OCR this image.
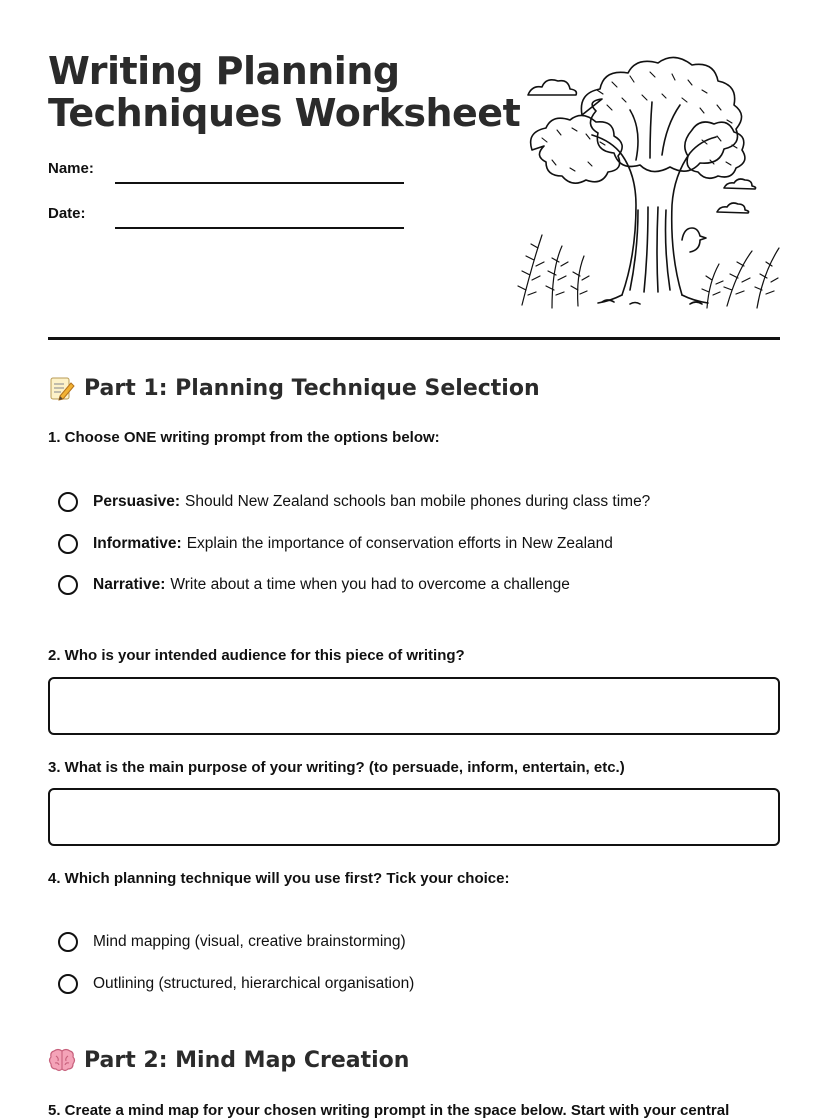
Writing Planning
Techniques Worksheet
Name:
Date:
Part 1: Planning Technique Selection

1. Choose ONE writing prompt from the options below:

Persuasive: Should New Zealand schools ban mobile phones during class time?
Informative: Explain the importance of conservation efforts in New Zealand
Narrative: Write about a time when you had to overcome a challenge

2. Who is your intended audience for this piece of writing?

3. What is the main purpose of your writing? (to persuade, inform, entertain, etc.)

4. Which planning technique will you use first? Tick your choice:

Mind mapping (visual, creative brainstorming)
Outlining (structured, hierarchical organisation)
Part 2: Mind Map Creation

5. Create a mind map for your chosen writing prompt in the space below. Start with your central
